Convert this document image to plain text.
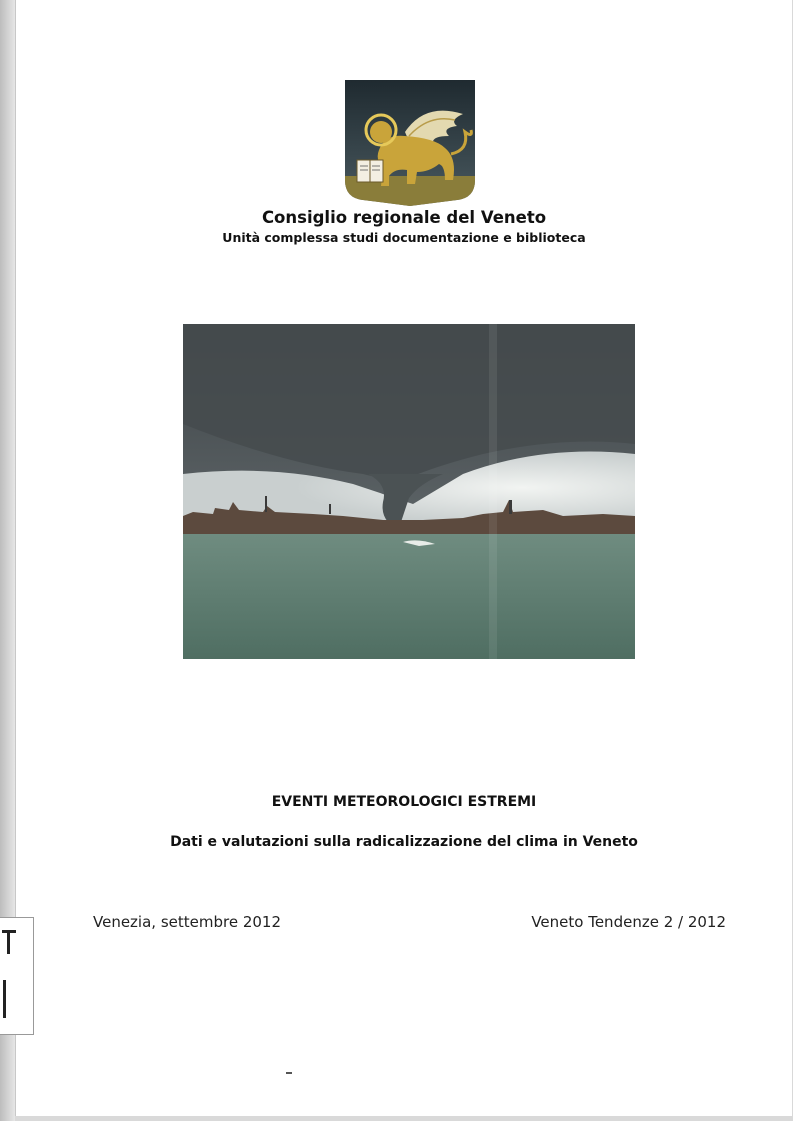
Consiglio regionale del Veneto
Unità complessa studi documentazione e biblioteca
EVENTI METEOROLOGICI ESTREMI
Dati e valutazioni sulla radicalizzazione del clima in Veneto
Venezia, settembre 2012	Veneto Tendenze 2 / 2012
